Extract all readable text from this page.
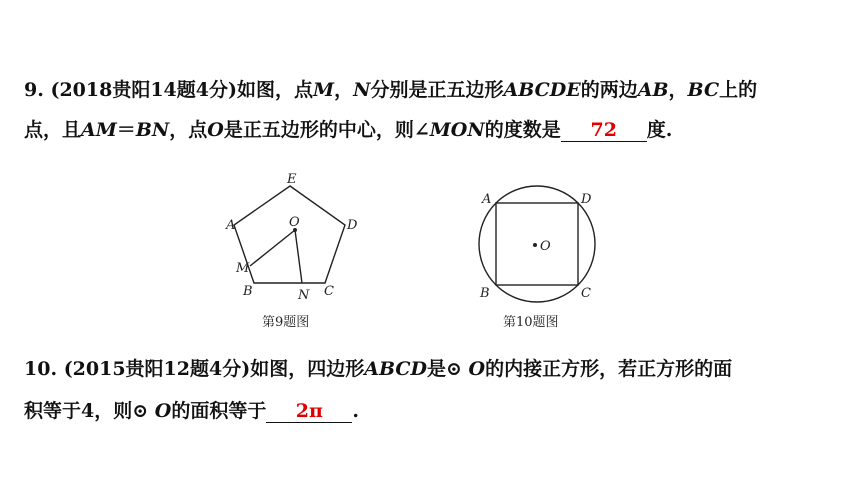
9. (2018贵阳14题4分)如图，点M，N分别是正五边形ABCDE的两边AB，BC上的
点，且AM＝BN，点O是正五边形的中心，则∠MON的度数是 72 度.
E
A	D
B	C
M
N
O
第9题图
O
A	D
B	C
第10题图
10. (2015贵阳12题4分)如图，四边形ABCD是⊙ O的内接正方形，若正方形的面
积等于4，则⊙ O的面积等于 2π .
